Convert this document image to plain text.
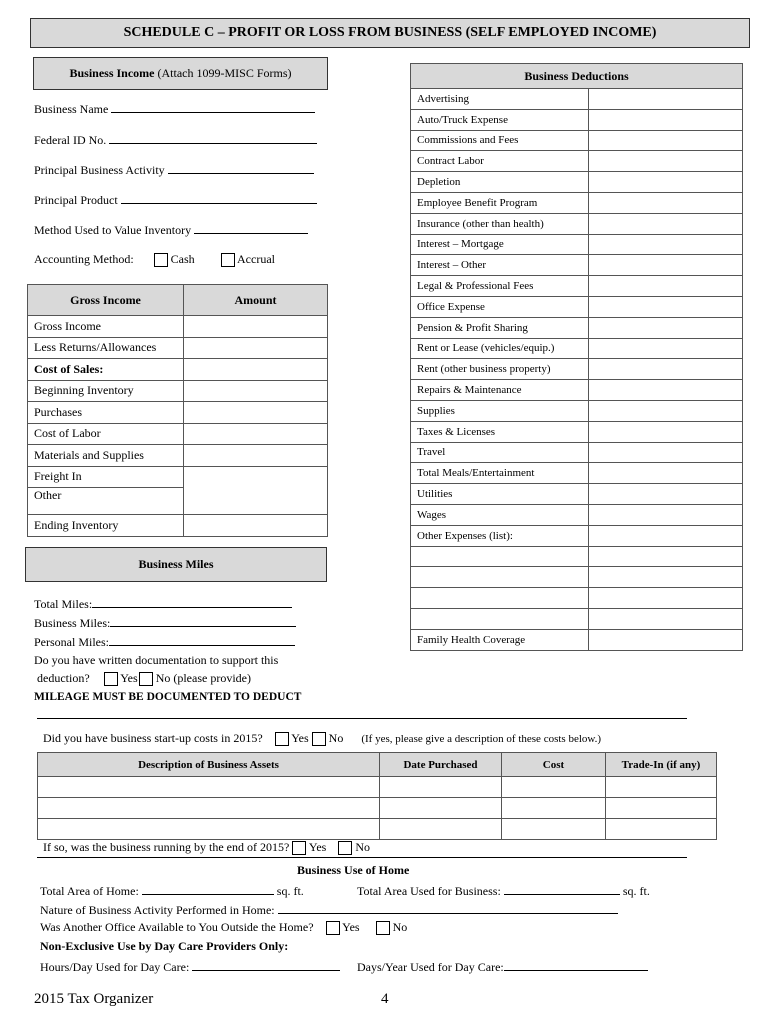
SCHEDULE C – PROFIT OR LOSS FROM BUSINESS (SELF EMPLOYED INCOME)
Business Income
(Attach 1099-MISC Forms)
Business Name
Federal ID No.
Principal Business Activity
Principal Product
Method Used to Value Inventory
Accounting Method:	Cash	Accrual
Gross Income	Amount
Gross Income	
Less Returns/Allowances	
Cost of Sales:	
Beginning Inventory	
Purchases	
Cost of Labor	
Materials and Supplies	
Freight In	
Other	
Ending Inventory	
Business Miles
Total Miles:
Business Miles:
Personal Miles:
Do you have written documentation to support this
deduction?	Yes No (please provide)
MILEAGE MUST BE DOCUMENTED TO DEDUCT
Business Deductions	
Advertising	
Auto/Truck Expense	
Commissions and Fees	
Contract Labor	
Depletion	
Employee Benefit Program	
Insurance (other than health)	
Interest – Mortgage	
Interest – Other	
Legal & Professional Fees	
Office Expense	
Pension & Profit Sharing	
Rent or Lease (vehicles/equip.)	
Rent (other business property)	
Repairs & Maintenance	
Supplies	
Taxes & Licenses	
Travel	
Total Meals/Entertainment	
Utilities	
Wages	
Other Expenses (list):	

Family Health Coverage	
Did you have business start-up costs in 2015? Yes No (If yes, please give a description of these costs below.)
Description of Business Assets	Date Purchased	Cost	Trade-In (if any)

If so, was the business running by the end of 2015? Yes No
Business Use of Home
Total Area of Home:	sq. ft.	Total Area Used for Business:	sq. ft.
Nature of Business Activity Performed in Home:
Was Another Office Available to You Outside the Home? Yes	No
Non-Exclusive Use by Day Care Providers Only:
Hours/Day Used for Day Care:	Days/Year Used for Day Care:
2015 Tax Organizer	4
